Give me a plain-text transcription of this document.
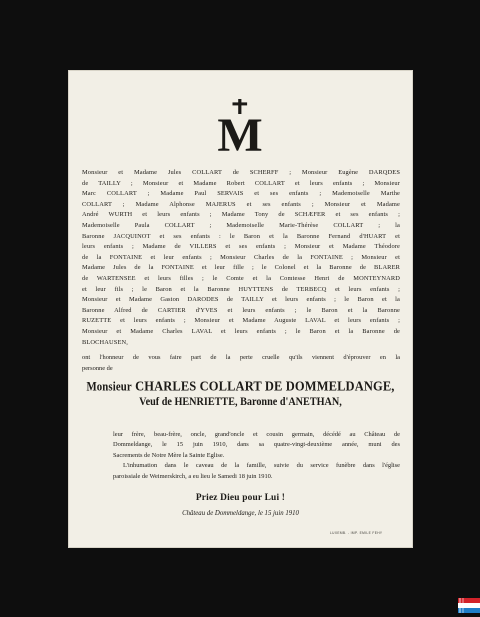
M
Monsieur et Madame Jules COLLART de SCHERFF ; Monsieur Eugène DARQDES
de TAILLY ; Monsieur et Madame Robert COLLART et leurs enfants ; Monsieur
Marc COLLART ; Madame Paul SERVAIS et ses enfants ; Mademoiselle Marthe
COLLART ; Madame Alphonse MAJERUS et ses enfants ; Monsieur et Madame
André WURTH et leurs enfants ; Madame Tony de SCHÆFER et ses enfants ;
Mademoiselle Paula COLLART ; Mademoiselle Marie-Thérèse COLLART ; la
Baronne JACQUINOT et ses enfants : le Baron et la Baronne Fernand d'HUART et
leurs enfants ; Madame de VILLERS et ses enfants ; Monsieur et Madame Théodore
de la FONTAINE et leur enfants ; Monsieur Charles de la FONTAINE ; Monsieur et
Madame Jules de la FONTAINE et leur fille ; le Colonel et la Baronne de BLARER
de WARTENSEE et leurs filles ; le Comte et la Comtesse Henri de MONTEYNARD
et leur fils ; le Baron et la Baronne HUYTTENS de TERBECQ et leurs enfants ;
Monsieur et Madame Gaston DARODES de TAILLY et leurs enfants ; le Baron et la
Baronne Alfred de CARTIER d'YVES et leurs enfants ; le Baron et la Baronne
RUZETTE et leurs enfants ; Monsieur et Madame Auguste LAVAL et leurs enfants ;
Monsieur et Madame Charles LAVAL et leurs enfants ; le Baron et la Baronne de
BLOCHAUSEN,
ont l'honneur de vous faire part de la perte cruelle qu'ils viennent d'éprouver en la
personne de
Monsieur CHARLES COLLART DE DOMMELDANGE,
Veuf de HENRIETTE, Baronne d'ANETHAN,
leur frère, beau-frère, oncle, grand'oncle et cousin germain, décédé au Château de
Dommeldange, le 15 juin 1910, dans sa quatre-vingt-deuxième année, muni des
Sacrements de Notre Mère la Sainte Eglise.
L'inhumation dans le caveau de la famille, suivie du service funèbre dans l'église
paroissiale de Weimerskirch, a eu lieu le Samedi 18 juin 1910.
Priez Dieu pour Lui !
Château de Dommeldange, le 15 juin 1910
LUXEMB. - IMP. EMILE FEHY
